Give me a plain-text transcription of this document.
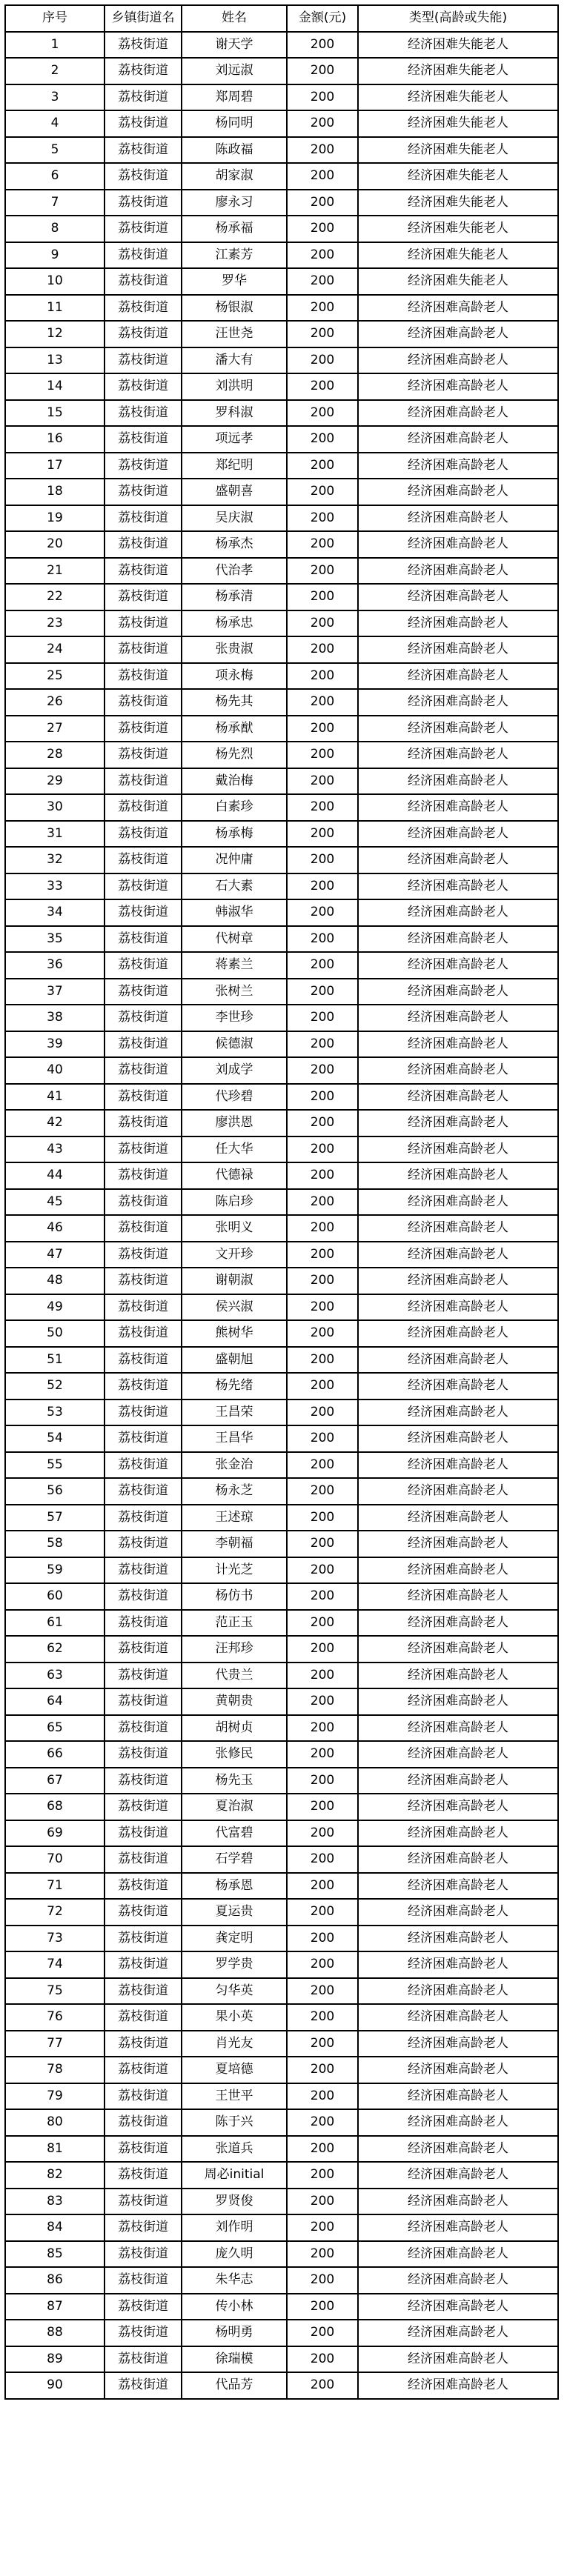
序号	乡镇街道名	姓名	金额(元)	类型(高龄或失能)
1	荔枝街道	谢天学	200	经济困难失能老人
2	荔枝街道	刘远淑	200	经济困难失能老人
3	荔枝街道	郑周碧	200	经济困难失能老人
4	荔枝街道	杨同明	200	经济困难失能老人
5	荔枝街道	陈政福	200	经济困难失能老人
6	荔枝街道	胡家淑	200	经济困难失能老人
7	荔枝街道	廖永习	200	经济困难失能老人
8	荔枝街道	杨承福	200	经济困难失能老人
9	荔枝街道	江素芳	200	经济困难失能老人
10	荔枝街道	罗华	200	经济困难失能老人
11	荔枝街道	杨银淑	200	经济困难高龄老人
12	荔枝街道	汪世尧	200	经济困难高龄老人
13	荔枝街道	潘大有	200	经济困难高龄老人
14	荔枝街道	刘洪明	200	经济困难高龄老人
15	荔枝街道	罗科淑	200	经济困难高龄老人
16	荔枝街道	项远孝	200	经济困难高龄老人
17	荔枝街道	郑纪明	200	经济困难高龄老人
18	荔枝街道	盛朝喜	200	经济困难高龄老人
19	荔枝街道	吴庆淑	200	经济困难高龄老人
20	荔枝街道	杨承杰	200	经济困难高龄老人
21	荔枝街道	代治孝	200	经济困难高龄老人
22	荔枝街道	杨承清	200	经济困难高龄老人
23	荔枝街道	杨承忠	200	经济困难高龄老人
24	荔枝街道	张贵淑	200	经济困难高龄老人
25	荔枝街道	项永梅	200	经济困难高龄老人
26	荔枝街道	杨先其	200	经济困难高龄老人
27	荔枝街道	杨承猷	200	经济困难高龄老人
28	荔枝街道	杨先烈	200	经济困难高龄老人
29	荔枝街道	戴治梅	200	经济困难高龄老人
30	荔枝街道	白素珍	200	经济困难高龄老人
31	荔枝街道	杨承梅	200	经济困难高龄老人
32	荔枝街道	况仲庸	200	经济困难高龄老人
33	荔枝街道	石大素	200	经济困难高龄老人
34	荔枝街道	韩淑华	200	经济困难高龄老人
35	荔枝街道	代树章	200	经济困难高龄老人
36	荔枝街道	蒋素兰	200	经济困难高龄老人
37	荔枝街道	张树兰	200	经济困难高龄老人
38	荔枝街道	李世珍	200	经济困难高龄老人
39	荔枝街道	候德淑	200	经济困难高龄老人
40	荔枝街道	刘成学	200	经济困难高龄老人
41	荔枝街道	代珍碧	200	经济困难高龄老人
42	荔枝街道	廖洪恩	200	经济困难高龄老人
43	荔枝街道	任大华	200	经济困难高龄老人
44	荔枝街道	代德禄	200	经济困难高龄老人
45	荔枝街道	陈启珍	200	经济困难高龄老人
46	荔枝街道	张明义	200	经济困难高龄老人
47	荔枝街道	文开珍	200	经济困难高龄老人
48	荔枝街道	谢朝淑	200	经济困难高龄老人
49	荔枝街道	侯兴淑	200	经济困难高龄老人
50	荔枝街道	熊树华	200	经济困难高龄老人
51	荔枝街道	盛朝旭	200	经济困难高龄老人
52	荔枝街道	杨先绪	200	经济困难高龄老人
53	荔枝街道	王昌荣	200	经济困难高龄老人
54	荔枝街道	王昌华	200	经济困难高龄老人
55	荔枝街道	张金治	200	经济困难高龄老人
56	荔枝街道	杨永芝	200	经济困难高龄老人
57	荔枝街道	王述琼	200	经济困难高龄老人
58	荔枝街道	李朝福	200	经济困难高龄老人
59	荔枝街道	计光芝	200	经济困难高龄老人
60	荔枝街道	杨仿书	200	经济困难高龄老人
61	荔枝街道	范正玉	200	经济困难高龄老人
62	荔枝街道	汪邦珍	200	经济困难高龄老人
63	荔枝街道	代贵兰	200	经济困难高龄老人
64	荔枝街道	黄朝贵	200	经济困难高龄老人
65	荔枝街道	胡树贞	200	经济困难高龄老人
66	荔枝街道	张修民	200	经济困难高龄老人
67	荔枝街道	杨先玉	200	经济困难高龄老人
68	荔枝街道	夏治淑	200	经济困难高龄老人
69	荔枝街道	代富碧	200	经济困难高龄老人
70	荔枝街道	石学碧	200	经济困难高龄老人
71	荔枝街道	杨承恩	200	经济困难高龄老人
72	荔枝街道	夏运贵	200	经济困难高龄老人
73	荔枝街道	龚定明	200	经济困难高龄老人
74	荔枝街道	罗学贵	200	经济困难高龄老人
75	荔枝街道	匀华英	200	经济困难高龄老人
76	荔枝街道	果小英	200	经济困难高龄老人
77	荔枝街道	肖光友	200	经济困难高龄老人
78	荔枝街道	夏培德	200	经济困难高龄老人
79	荔枝街道	王世平	200	经济困难高龄老人
80	荔枝街道	陈于兴	200	经济困难高龄老人
81	荔枝街道	张道兵	200	经济困难高龄老人
82	荔枝街道	周必initial	200	经济困难高龄老人
83	荔枝街道	罗贤俊	200	经济困难高龄老人
84	荔枝街道	刘作明	200	经济困难高龄老人
85	荔枝街道	庞久明	200	经济困难高龄老人
86	荔枝街道	朱华志	200	经济困难高龄老人
87	荔枝街道	传小林	200	经济困难高龄老人
88	荔枝街道	杨明勇	200	经济困难高龄老人
89	荔枝街道	徐瑞模	200	经济困难高龄老人
90	荔枝街道	代品芳	200	经济困难高龄老人
